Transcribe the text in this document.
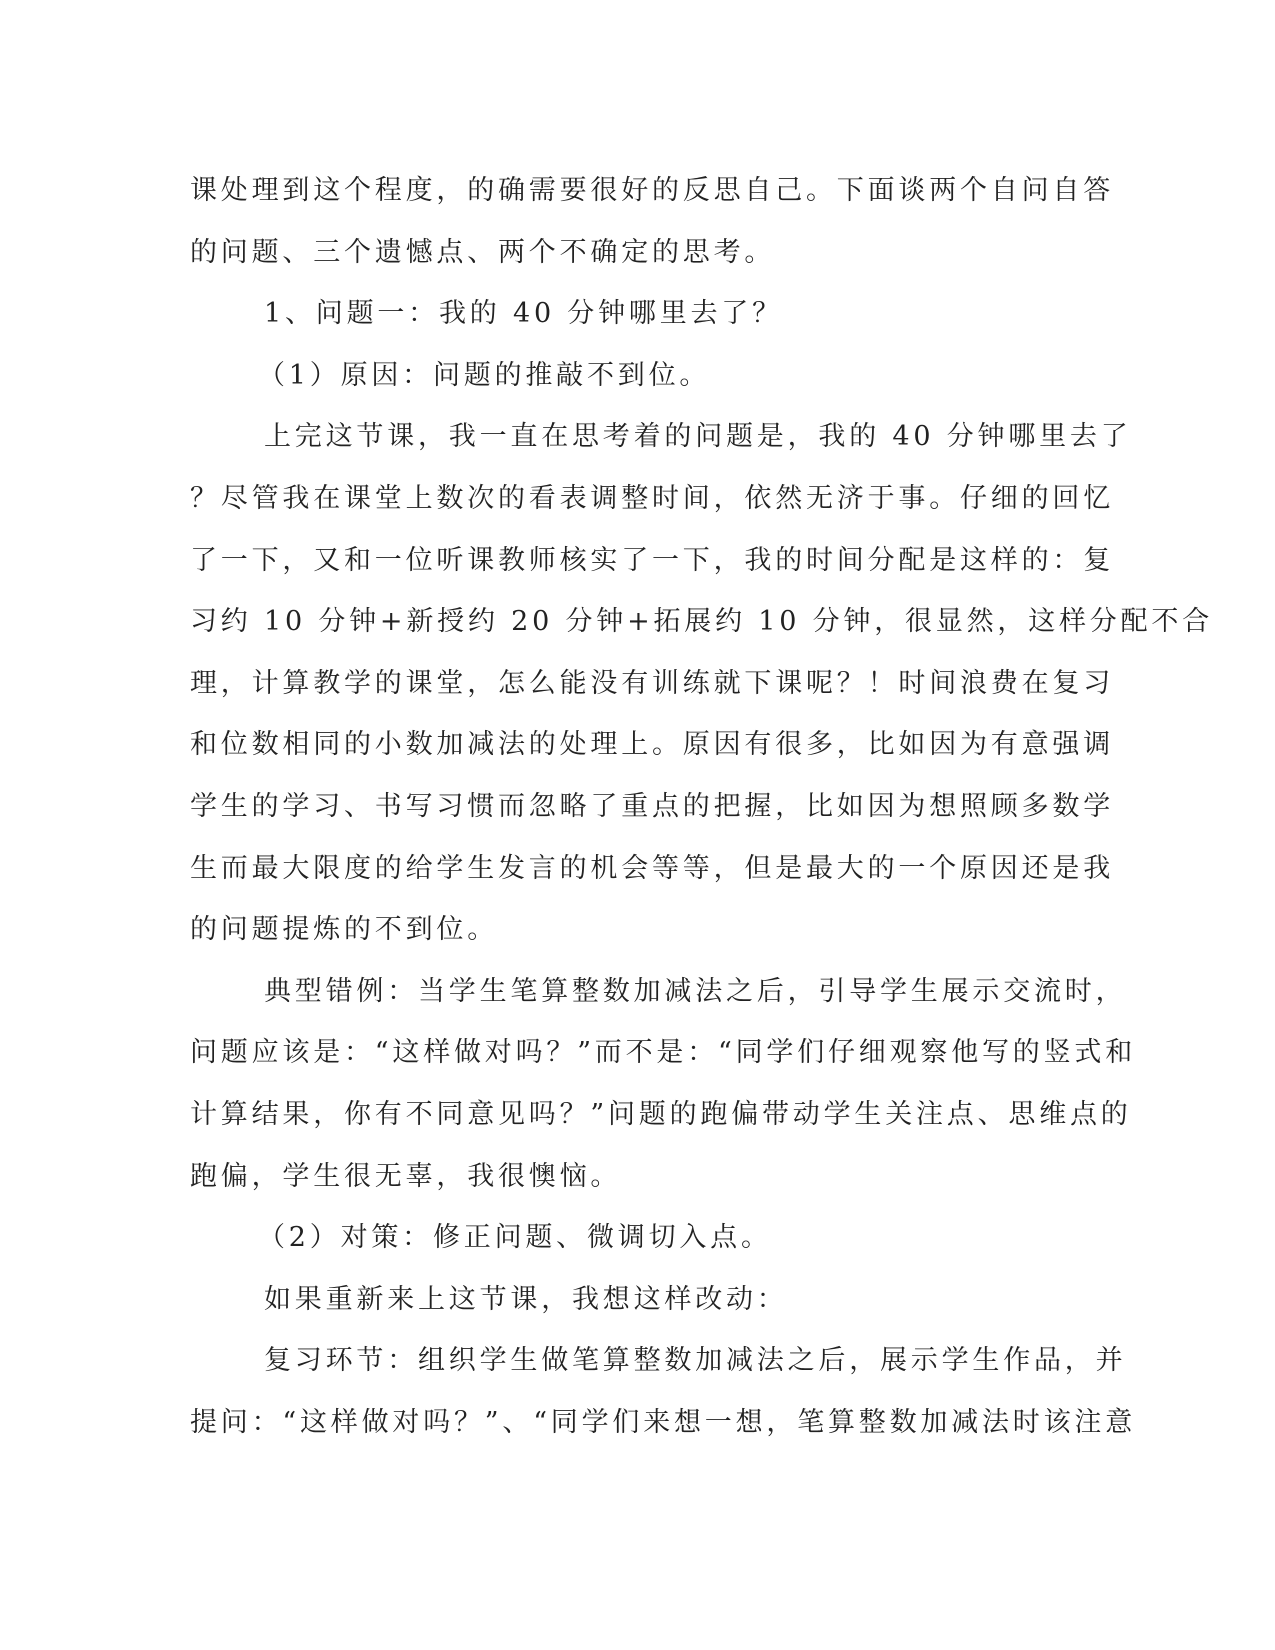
课处理到这个程度，的确需要很好的反思自己。下面谈两个自问自答
的问题、三个遗憾点、两个不确定的思考。
1、问题一：我的 40 分钟哪里去了？
（1）原因：问题的推敲不到位。
上完这节课，我一直在思考着的问题是，我的 40 分钟哪里去了
？尽管我在课堂上数次的看表调整时间，依然无济于事。仔细的回忆
了一下，又和一位听课教师核实了一下，我的时间分配是这样的：复
习约 10 分钟+新授约 20 分钟+拓展约 10 分钟，很显然，这样分配不合
理，计算教学的课堂，怎么能没有训练就下课呢？！时间浪费在复习
和位数相同的小数加减法的处理上。原因有很多，比如因为有意强调
学生的学习、书写习惯而忽略了重点的把握，比如因为想照顾多数学
生而最大限度的给学生发言的机会等等，但是最大的一个原因还是我
的问题提炼的不到位。
典型错例：当学生笔算整数加减法之后，引导学生展示交流时，
问题应该是：“这样做对吗？”而不是：“同学们仔细观察他写的竖式和
计算结果，你有不同意见吗？”问题的跑偏带动学生关注点、思维点的
跑偏，学生很无辜，我很懊恼。
（2）对策：修正问题、微调切入点。
如果重新来上这节课，我想这样改动：
复习环节：组织学生做笔算整数加减法之后，展示学生作品，并
提问：“这样做对吗？”、“同学们来想一想，笔算整数加减法时该注意
